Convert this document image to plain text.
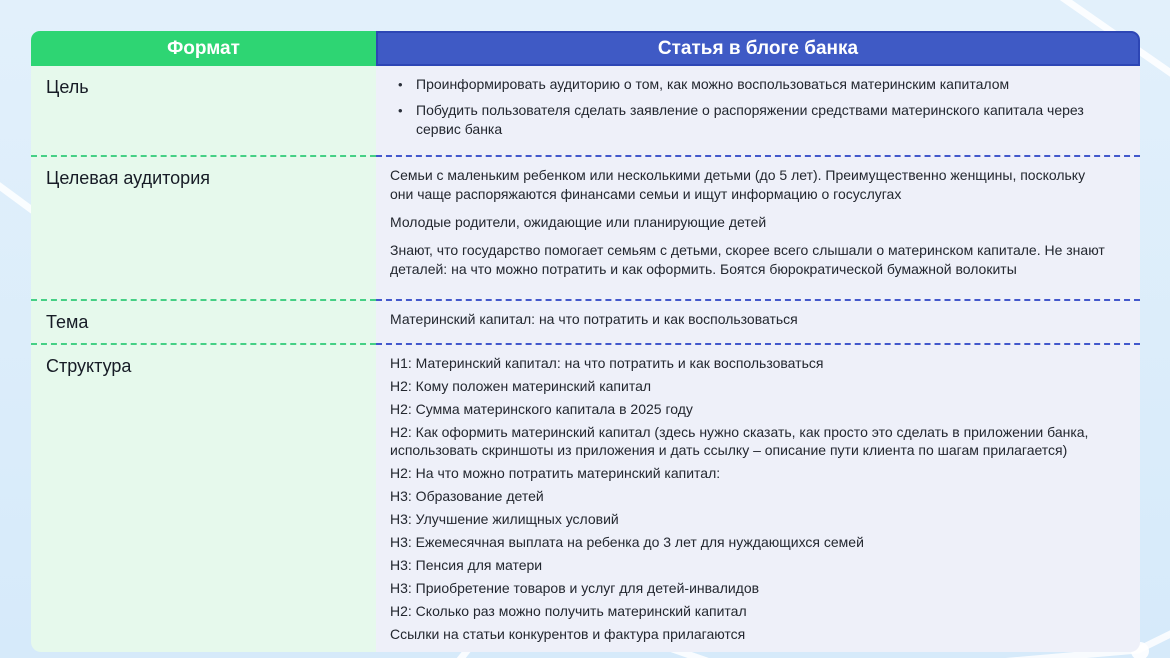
Формат	Статья в блоге банка
Цель	• Проинформировать аудиторию о том, как можно воспользоваться материнским капиталом
• Побудить пользователя сделать заявление о распоряжении средствами материнского капитала через сервис банка
Целевая аудитория	Семьи с маленьким ребенком или несколькими детьми (до 5 лет). Преимущественно женщины, поскольку они чаще распоряжаются финансами семьи и ищут информацию о госуслугах

Молодые родители, ожидающие или планирующие детей

Знают, что государство помогает семьям с детьми, скорее всего слышали о материнском капитале. Не знают деталей: на что можно потратить и как оформить. Боятся бюрократической бумажной волокиты

Тема	Материнский капитал: на что потратить и как воспользоваться

Структура	H1: Материнский капитал: на что потратить и как воспользоваться

H2: Кому положен материнский капитал

H2: Сумма материнского капитала в 2025 году

H2: Как оформить материнский капитал (здесь нужно сказать, как просто это сделать в приложении банка, использовать скриншоты из приложения и дать ссылку – описание пути клиента по шагам прилагается)

H2: На что можно потратить материнский капитал:

H3: Образование детей

H3: Улучшение жилищных условий

H3: Ежемесячная выплата на ребенка до 3 лет для нуждающихся семей

H3: Пенсия для матери

H3: Приобретение товаров и услуг для детей-инвалидов

H2: Сколько раз можно получить материнский капитал

Ссылки на статьи конкурентов и фактура прилагаются
